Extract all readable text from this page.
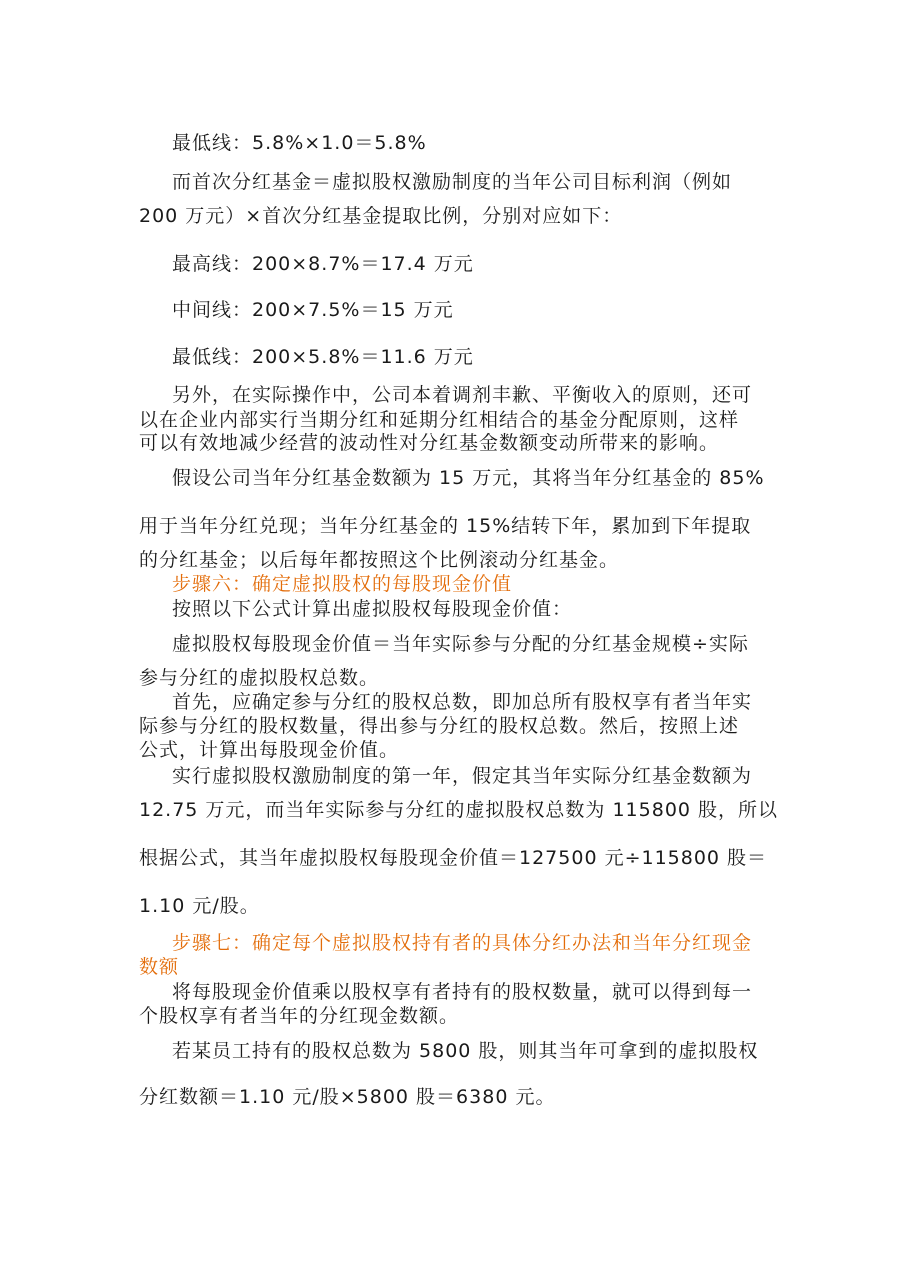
最低线：5.8%×1.0＝5.8%
而首次分红基金＝虚拟股权激励制度的当年公司目标利润（例如
200 万元）×首次分红基金提取比例，分别对应如下：
最高线：200×8.7%＝17.4 万元
中间线：200×7.5%＝15 万元
最低线：200×5.8%＝11.6 万元
另外，在实际操作中，公司本着调剂丰歉、平衡收入的原则，还可
以在企业内部实行当期分红和延期分红相结合的基金分配原则，这样
可以有效地减少经营的波动性对分红基金数额变动所带来的影响。
假设公司当年分红基金数额为 15 万元，其将当年分红基金的 85%
用于当年分红兑现；当年分红基金的 15%结转下年，累加到下年提取
的分红基金；以后每年都按照这个比例滚动分红基金。
步骤六：确定虚拟股权的每股现金价值
按照以下公式计算出虚拟股权每股现金价值：
虚拟股权每股现金价值＝当年实际参与分配的分红基金规模÷实际
参与分红的虚拟股权总数。
首先，应确定参与分红的股权总数，即加总所有股权享有者当年实
际参与分红的股权数量，得出参与分红的股权总数。然后，按照上述
公式，计算出每股现金价值。
实行虚拟股权激励制度的第一年，假定其当年实际分红基金数额为
12.75 万元，而当年实际参与分红的虚拟股权总数为 115800 股，所以
根据公式，其当年虚拟股权每股现金价值＝127500 元÷115800 股＝
1.10 元/股。
步骤七：确定每个虚拟股权持有者的具体分红办法和当年分红现金
数额
将每股现金价值乘以股权享有者持有的股权数量，就可以得到每一
个股权享有者当年的分红现金数额。
若某员工持有的股权总数为 5800 股，则其当年可拿到的虚拟股权
分红数额＝1.10 元/股×5800 股＝6380 元。
